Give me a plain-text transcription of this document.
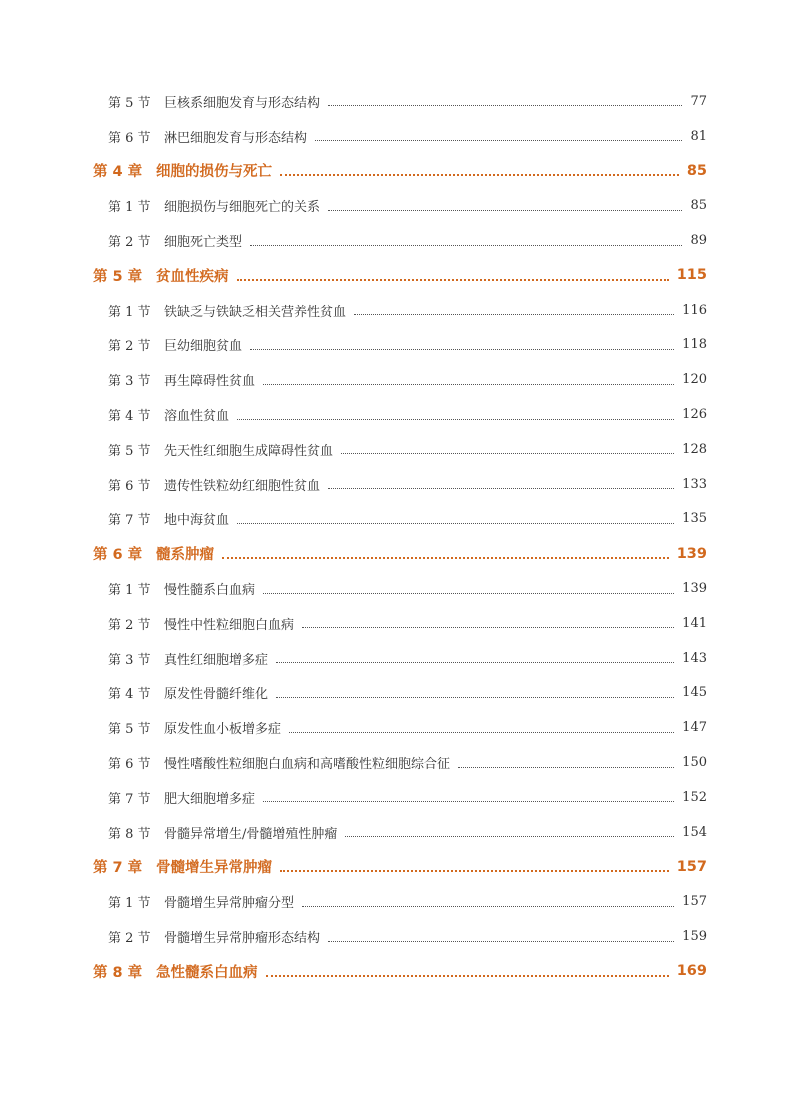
第 5 节	巨核系细胞发育与形态结构	77
第 6 节	淋巴细胞发育与形态结构	81
第 4 章 细胞的损伤与死亡	85
第 1 节	细胞损伤与细胞死亡的关系	85
第 2 节	细胞死亡类型	89
第 5 章 贫血性疾病	115
第 1 节	铁缺乏与铁缺乏相关营养性贫血	116
第 2 节	巨幼细胞贫血	118
第 3 节	再生障碍性贫血	120
第 4 节	溶血性贫血	126
第 5 节	先天性红细胞生成障碍性贫血	128
第 6 节	遗传性铁粒幼红细胞性贫血	133
第 7 节	地中海贫血	135
第 6 章 髓系肿瘤	139
第 1 节	慢性髓系白血病	139
第 2 节	慢性中性粒细胞白血病	141
第 3 节	真性红细胞增多症	143
第 4 节	原发性骨髓纤维化	145
第 5 节	原发性血小板增多症	147
第 6 节	慢性嗜酸性粒细胞白血病和高嗜酸性粒细胞综合征	150
第 7 节	肥大细胞增多症	152
第 8 节	骨髓异常增生/骨髓增殖性肿瘤	154
第 7 章 骨髓增生异常肿瘤	157
第 1 节	骨髓增生异常肿瘤分型	157
第 2 节	骨髓增生异常肿瘤形态结构	159
第 8 章 急性髓系白血病	169
